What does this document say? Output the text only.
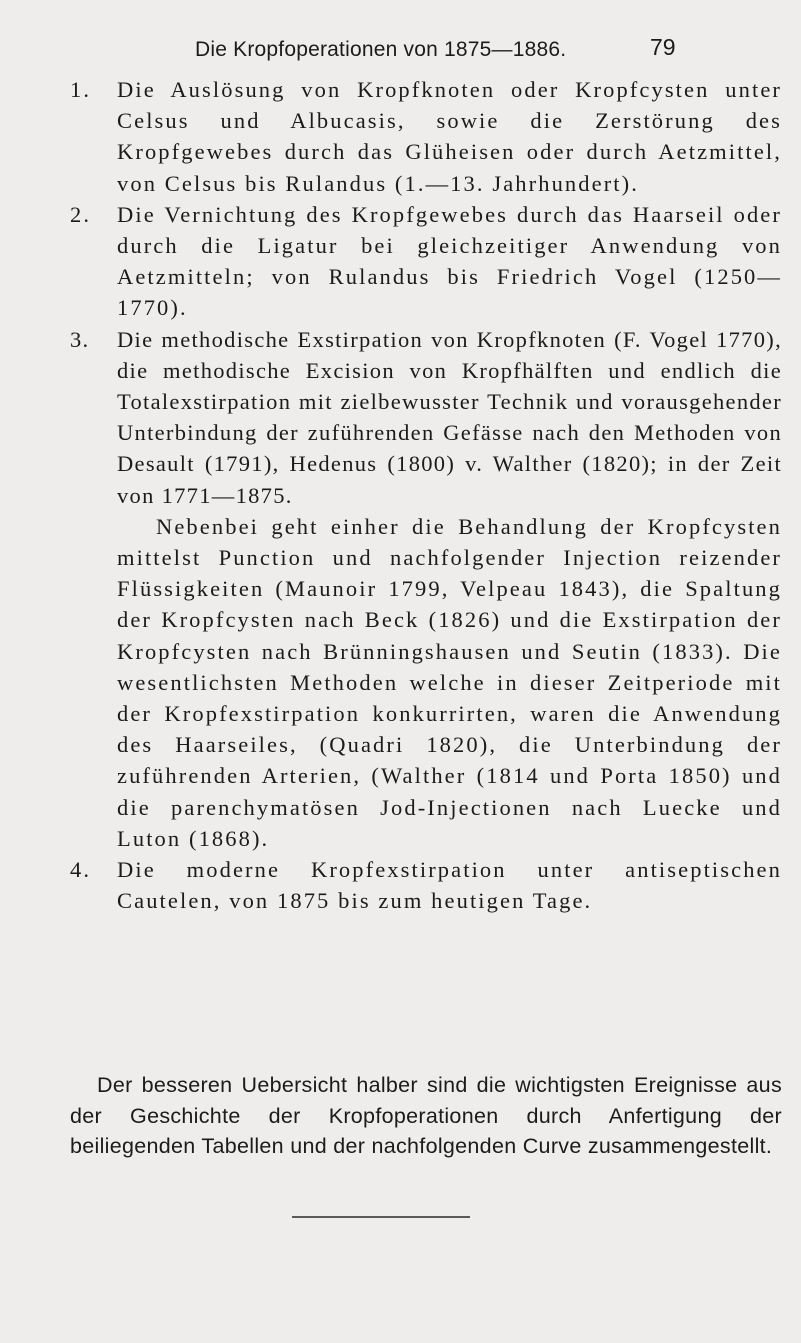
Die Kropfoperationen von 1875—1886.	79
1. Die Auslösung von Kropfknoten oder Kropfcysten unter Celsus und Albucasis, sowie die Zerstörung des Kropfgewebes durch das Glüheisen oder durch Aetzmittel, von Celsus bis Rulandus (1.—13. Jahrhundert).
2. Die Vernichtung des Kropfgewebes durch das Haarseil oder durch die Ligatur bei gleichzeitiger Anwendung von Aetzmitteln; von Rulandus bis Friedrich Vogel (1250—1770).
3. Die methodische Exstirpation von Kropfknoten (F. Vogel 1770), die methodische Excision von Kropfhälften und endlich die Totalexstirpation mit zielbewusster Technik und vorausgehender Unterbindung der zuführenden Gefässe nach den Methoden von Desault (1791), Hedenus (1800) v. Walther (1820); in der Zeit von 1771—1875.
Nebenbei geht einher die Behandlung der Kropfcysten mittelst Punction und nachfolgender Injection reizender Flüssigkeiten (Maunoir 1799, Velpeau 1843), die Spaltung der Kropfcysten nach Beck (1826) und die Exstirpation der Kropfcysten nach Brünningshausen und Seutin (1833). Die wesentlichsten Methoden welche in dieser Zeitperiode mit der Kropfexstirpation konkurrirten, waren die Anwendung des Haarseiles, (Quadri 1820), die Unterbindung der zuführenden Arterien, (Walther (1814 und Porta 1850) und die parenchymatösen Jod-Injectionen nach Luecke und Luton (1868).
4. Die moderne Kropfexstirpation unter antiseptischen Cautelen, von 1875 bis zum heutigen Tage.
Der besseren Uebersicht halber sind die wichtigsten Ereignisse aus der Geschichte der Kropfoperationen durch Anfertigung der beiliegenden Tabellen und der nachfolgenden Curve zusammengestellt.
